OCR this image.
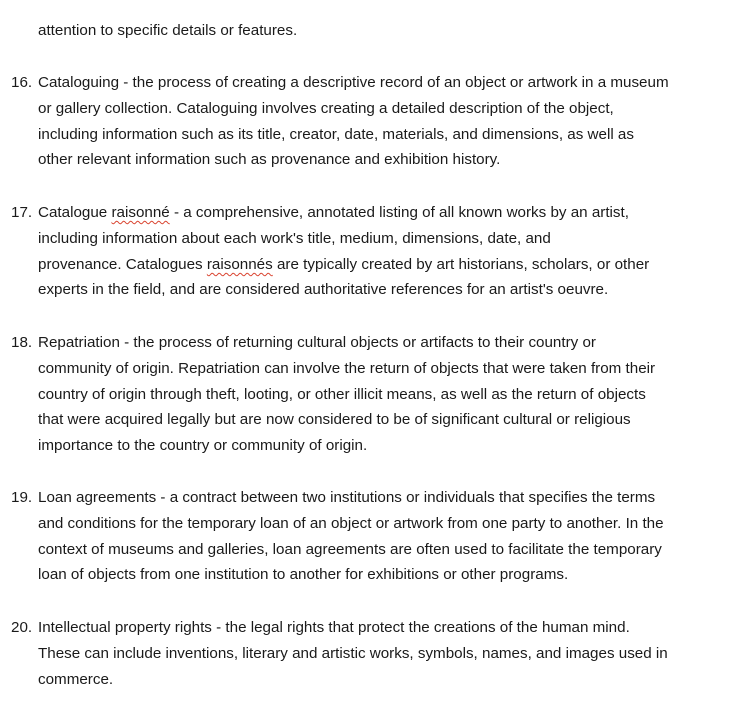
attention to specific details or features.
16. Cataloguing - the process of creating a descriptive record of an object or artwork in a museum
or gallery collection. Cataloguing involves creating a detailed description of the object,
including information such as its title, creator, date, materials, and dimensions, as well as
other relevant information such as provenance and exhibition history.
17. Catalogue raisonné - a comprehensive, annotated listing of all known works by an artist,
including information about each work's title, medium, dimensions, date, and
provenance. Catalogues raisonnés are typically created by art historians, scholars, or other
experts in the field, and are considered authoritative references for an artist's oeuvre.
18. Repatriation - the process of returning cultural objects or artifacts to their country or
community of origin. Repatriation can involve the return of objects that were taken from their
country of origin through theft, looting, or other illicit means, as well as the return of objects
that were acquired legally but are now considered to be of significant cultural or religious
importance to the country or community of origin.
19. Loan agreements - a contract between two institutions or individuals that specifies the terms
and conditions for the temporary loan of an object or artwork from one party to another. In the
context of museums and galleries, loan agreements are often used to facilitate the temporary
loan of objects from one institution to another for exhibitions or other programs.
20. Intellectual property rights - the legal rights that protect the creations of the human mind.
These can include inventions, literary and artistic works, symbols, names, and images used in
commerce.
